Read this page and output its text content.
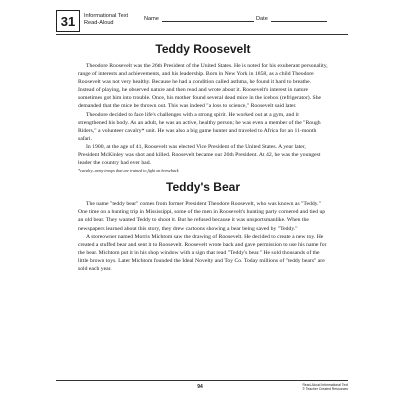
31	Informational Text
Read-Aloud
Name	Date
Teddy Roosevelt

Theodore Roosevelt was the 26th President of the United States. He is noted for his exuberant personality, range of interests and achievements, and his leadership. Born in New York in 1858, as a child Theodore Roosevelt was not very healthy. Because he had a condition called asthma, he found it hard to breathe. Instead of playing, he observed nature and then read and wrote about it. Roosevelt's interest in nature sometimes got him into trouble. Once, his mother found several dead mice in the icebox (refrigerator). She demanded that the mice be thrown out. This was indeed "a loss to science," Roosevelt said later.

Theodore decided to face life's challenges with a strong spirit. He worked out at a gym, and it strengthened his body. As an adult, he was an active, healthy person; he was even a member of the "Rough Riders," a volunteer cavalry* unit. He was also a big game hunter and traveled to Africa for an 11-month safari.

In 1900, at the age of 41, Roosevelt was elected Vice President of the United States. A year later, President McKinley was shot and killed. Roosevelt became our 26th President. At 42, he was the youngest leader the country had ever had.

*cavalry–army troops that are trained to fight on horseback
Teddy's Bear

The name "teddy bear" comes from former President Theodore Roosevelt, who was known as "Teddy." One time on a hunting trip in Mississippi, some of the men in Roosevelt's hunting party cornered and tied up an old bear. They wanted Teddy to shoot it. But he refused because it was unsportsmanlike. When the newspapers learned about this story, they drew cartoons showing a bear being saved by "Teddy."

A storeowner named Morris Michtom saw the drawing of Roosevelt. He decided to create a new toy. He created a stuffed bear and sent it to Roosevelt. Roosevelt wrote back and gave permission to use his name for the bear. Michtom put it in his shop window with a sign that read "Teddy's bear." He sold thousands of the little brown toys. Later Michtom founded the Ideal Novelty and Toy Co. Today millions of "teddy bears" are sold each year.

94	Read-Aloud Informational Text
© Teacher Created Resources
